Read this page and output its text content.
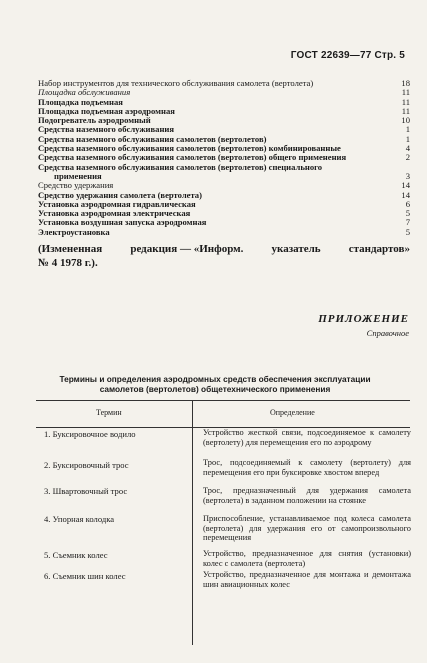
ГОСТ 22639—77 Стр. 5
Набор инструментов для технического обслуживания самолета (вертолета)	18
Площадка обслуживания	11
Площадка подъемная	11
Площадка подъемная аэродромная	11
Подогреватель аэродромный	10
Средства наземного обслуживания	1
Средства наземного обслуживания самолетов (вертолетов)	1
Средства наземного обслуживания самолетов (вертолетов) комбинированные	4
Средства наземного обслуживания самолетов (вертолетов) общего применения	2
Средства наземного обслуживания самолетов (вертолетов) специального
применения	3
Средство удержания	14
Средство удержания самолета (вертолета)	14
Установка аэродромная гидравлическая	6
Установка аэродромная электрическая	5
Установка воздушная запуска аэродромная	7
Электроустановка	5
(Измененная	редакция — «Информ.	указатель	стандартов»
№ 4 1978 г.).
ПРИЛОЖЕНИЕ
Справочное
Термины и определения аэродромных средств обеспечения эксплуатации
самолетов (вертолетов) общетехнического применения
Термин	Определение
1. Буксировочное водило	Устройство жесткой связи, подсоединяемое к самолету (вертолету) для перемещения его по аэродрому
2. Буксировочный трос	Трос, подсоединяемый к самолету (вертолету) для перемещения его при буксировке хвостом вперед
3. Швартовочный трос	Трос, предназначенный для удержания самолета (вертолета) в заданном положении на стоянке
4. Упорная колодка	Приспособление, устанавливаемое под колеса самолета (вертолета) для удержания его от самопроизвольного перемещения
5. Съемник колес	Устройство, предназначенное для снятия (установки) колес с самолета (вертолета)
6. Съемник шин колес	Устройство, предназначенное для монтажа и демонтажа шин авиационных колес
